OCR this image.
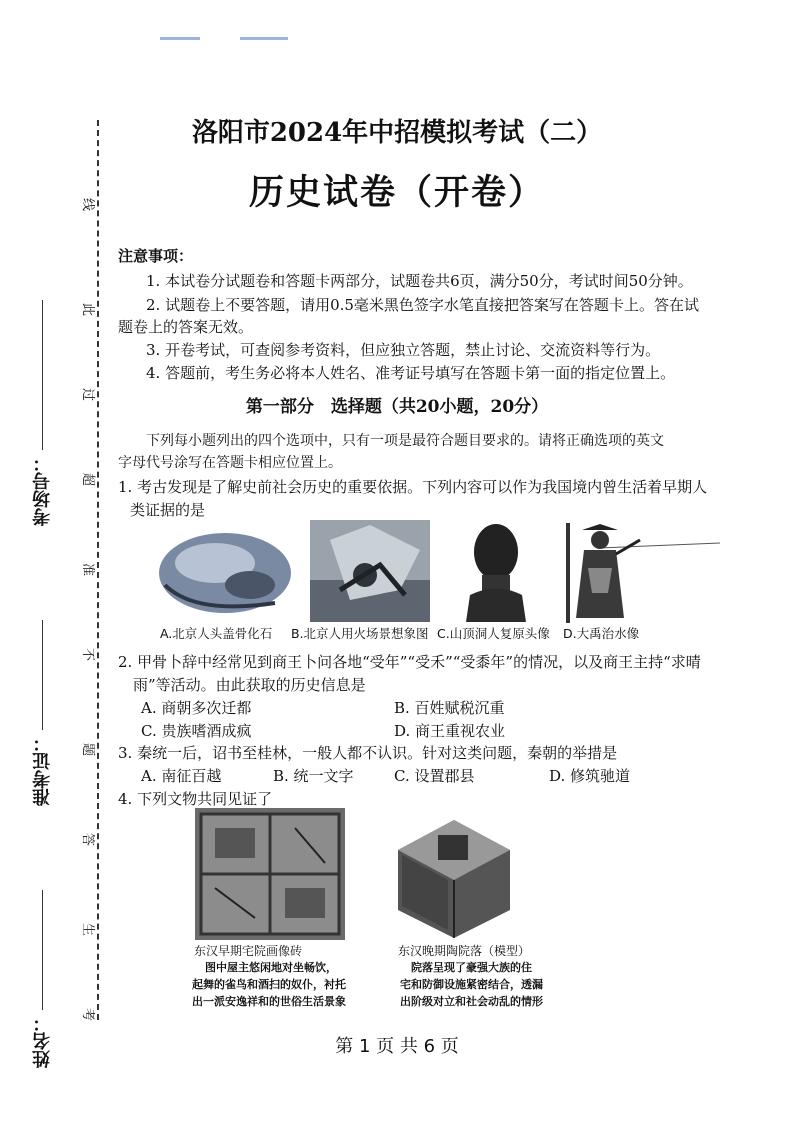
考场号：
准考证：
姓名：
线
此
过
超
准
不
题
答
生
考
洛阳市2024年中招模拟考试（二）
历史试卷（开卷）
注意事项：
1. 本试卷分试题卷和答题卡两部分，试题卷共6页，满分50分，考试时间50分钟。
2. 试题卷上不要答题，请用0.5毫米黑色签字水笔直接把答案写在答题卡上。答在试
题卷上的答案无效。
3. 开卷考试，可查阅参考资料，但应独立答题，禁止讨论、交流资料等行为。
4. 答题前，考生务必将本人姓名、准考证号填写在答题卡第一面的指定位置上。
第一部分　选择题（共20小题，20分）
下列每小题列出的四个选项中，只有一项是最符合题目要求的。请将正确选项的英文
字母代号涂写在答题卡相应位置上。
1. 考古发现是了解史前社会历史的重要依据。下列内容可以作为我国境内曾生活着早期人
类证据的是
A.北京人头盖骨化石 B.北京人用火场景想象图 C.山顶洞人复原头像 D.大禹治水像
2. 甲骨卜辞中经常见到商王卜问各地“受年”“受禾”“受黍年”的情况，以及商王主持“求晴
雨”等活动。由此获取的历史信息是
A. 商朝多次迁都	B. 百姓赋税沉重
C. 贵族嗜酒成疯	D. 商王重视农业
3. 秦统一后，诏书至桂林，一般人都不认识。针对这类问题，秦朝的举措是
A. 南征百越	B. 统一文字	C. 设置郡县	D. 修筑驰道
4. 下列文物共同见证了
东汉早期宅院画像砖
图中屋主悠闲地对坐畅饮，
起舞的雀鸟和酒扫的奴仆，衬托
出一派安逸祥和的世俗生活景象
东汉晚期陶院落（模型）
院落呈现了豪强大族的住
宅和防御设施紧密结合，透漏
出阶级对立和社会动乱的情形
第 1 页 共 6 页
